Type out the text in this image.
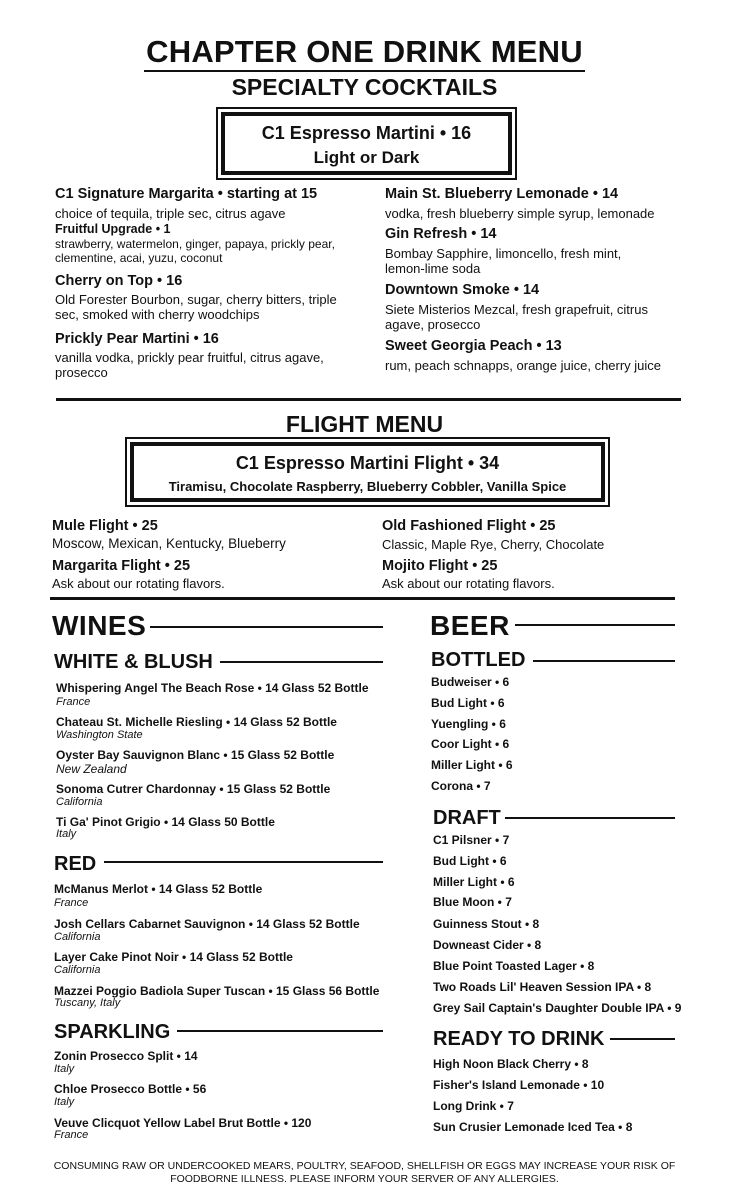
CHAPTER ONE DRINK MENU
SPECIALTY COCKTAILS
C1 Espresso Martini • 16
Light or Dark
C1 Signature Margarita • starting at 15
choice of tequila, triple sec, citrus agave
Fruitful Upgrade • 1
strawberry, watermelon, ginger, papaya, prickly pear, clementine, acai, yuzu, coconut
Cherry on Top • 16
Old Forester Bourbon, sugar, cherry bitters, triple sec, smoked with cherry woodchips
Prickly Pear Martini • 16
vanilla vodka, prickly pear fruitful, citrus agave, prosecco
Main St. Blueberry Lemonade • 14
vodka, fresh blueberry simple syrup, lemonade
Gin Refresh • 14
Bombay Sapphire, limoncello, fresh mint, lemon-lime soda
Downtown Smoke • 14
Siete Misterios Mezcal, fresh grapefruit, citrus agave, prosecco
Sweet Georgia Peach • 13
rum, peach schnapps, orange juice, cherry juice
FLIGHT MENU
C1 Espresso Martini Flight • 34
Tiramisu, Chocolate Raspberry, Blueberry Cobbler, Vanilla Spice
Mule Flight • 25
Moscow, Mexican, Kentucky, Blueberry
Old Fashioned Flight • 25
Classic, Maple Rye, Cherry, Chocolate
Margarita Flight • 25
Ask about our rotating flavors.
Mojito Flight • 25
Ask about our rotating flavors.
WINES
WHITE & BLUSH
Whispering Angel The Beach Rose • 14 Glass 52 Bottle
France
Chateau St. Michelle Riesling • 14 Glass 52 Bottle
Washington State
Oyster Bay Sauvignon Blanc • 15 Glass 52 Bottle
New Zealand
Sonoma Cutrer Chardonnay • 15 Glass 52 Bottle
California
Ti Ga' Pinot Grigio • 14 Glass 50 Bottle
Italy
RED
McManus Merlot • 14 Glass 52 Bottle
France
Josh Cellars Cabarnet Sauvignon • 14 Glass 52 Bottle
California
Layer Cake Pinot Noir • 14 Glass 52 Bottle
California
Mazzei Poggio Badiola Super Tuscan • 15 Glass 56 Bottle
Tuscany, Italy
SPARKLING
Zonin Prosecco Split • 14
Italy
Chloe Prosecco Bottle • 56
Italy
Veuve Clicquot Yellow Label Brut Bottle • 120
France
BEER
BOTTLED
Budweiser • 6
Bud Light • 6
Yuengling • 6
Coor Light • 6
Miller Light • 6
Corona • 7
DRAFT
C1 Pilsner • 7
Bud Light • 6
Miller Light • 6
Blue Moon • 7
Guinness Stout • 8
Downeast Cider • 8
Blue Point Toasted Lager • 8
Two Roads Lil' Heaven Session IPA • 8
Grey Sail Captain's Daughter Double IPA • 9
READY TO DRINK
High Noon Black Cherry • 8
Fisher's Island Lemonade • 10
Long Drink • 7
Sun Crusier Lemonade Iced Tea • 8
CONSUMING RAW OR UNDERCOOKED MEARS, POULTRY, SEAFOOD, SHELLFISH OR EGGS MAY INCREASE YOUR RISK OF
FOODBORNE ILLNESS. PLEASE INFORM YOUR SERVER OF ANY ALLERGIES.
